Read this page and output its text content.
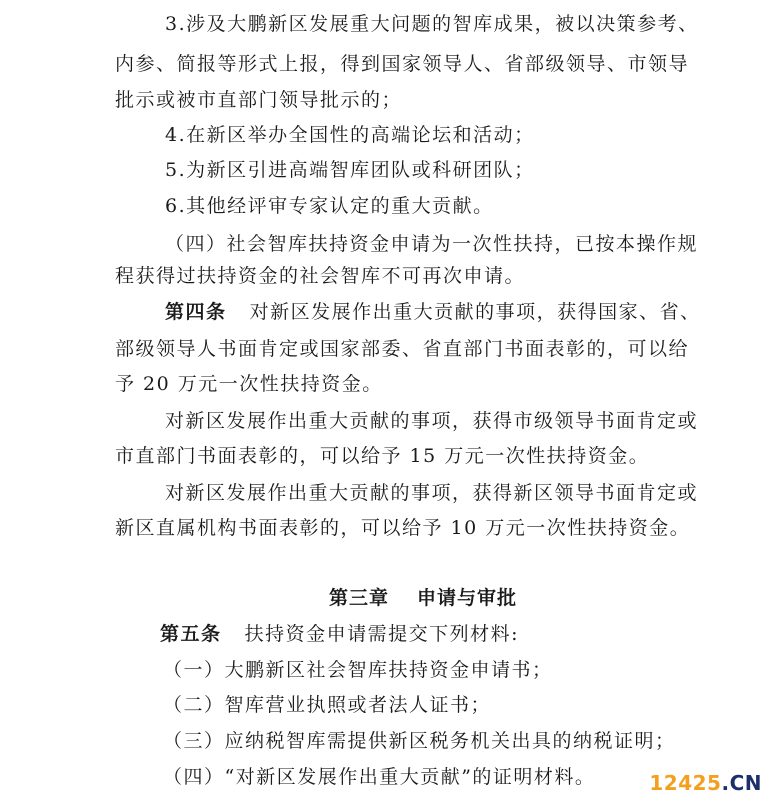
3.涉及大鹏新区发展重大问题的智库成果，被以决策参考、
内参、简报等形式上报，得到国家领导人、省部级领导、市领导
批示或被市直部门领导批示的；
4.在新区举办全国性的高端论坛和活动；
5.为新区引进高端智库团队或科研团队；
6.其他经评审专家认定的重大贡献。
（四）社会智库扶持资金申请为一次性扶持，已按本操作规
程获得过扶持资金的社会智库不可再次申请。
第四条 对新区发展作出重大贡献的事项，获得国家、省、
部级领导人书面肯定或国家部委、省直部门书面表彰的，可以给
予 20 万元一次性扶持资金。
对新区发展作出重大贡献的事项，获得市级领导书面肯定或
市直部门书面表彰的，可以给予 15 万元一次性扶持资金。
对新区发展作出重大贡献的事项，获得新区领导书面肯定或
新区直属机构书面表彰的，可以给予 10 万元一次性扶持资金。
第三章 申请与审批
第五条 扶持资金申请需提交下列材料:
（一）大鹏新区社会智库扶持资金申请书；
（二）智库营业执照或者法人证书；
（三）应纳税智库需提供新区税务机关出具的纳税证明；
（四）“对新区发展作出重大贡献”的证明材料。	12425.CN
